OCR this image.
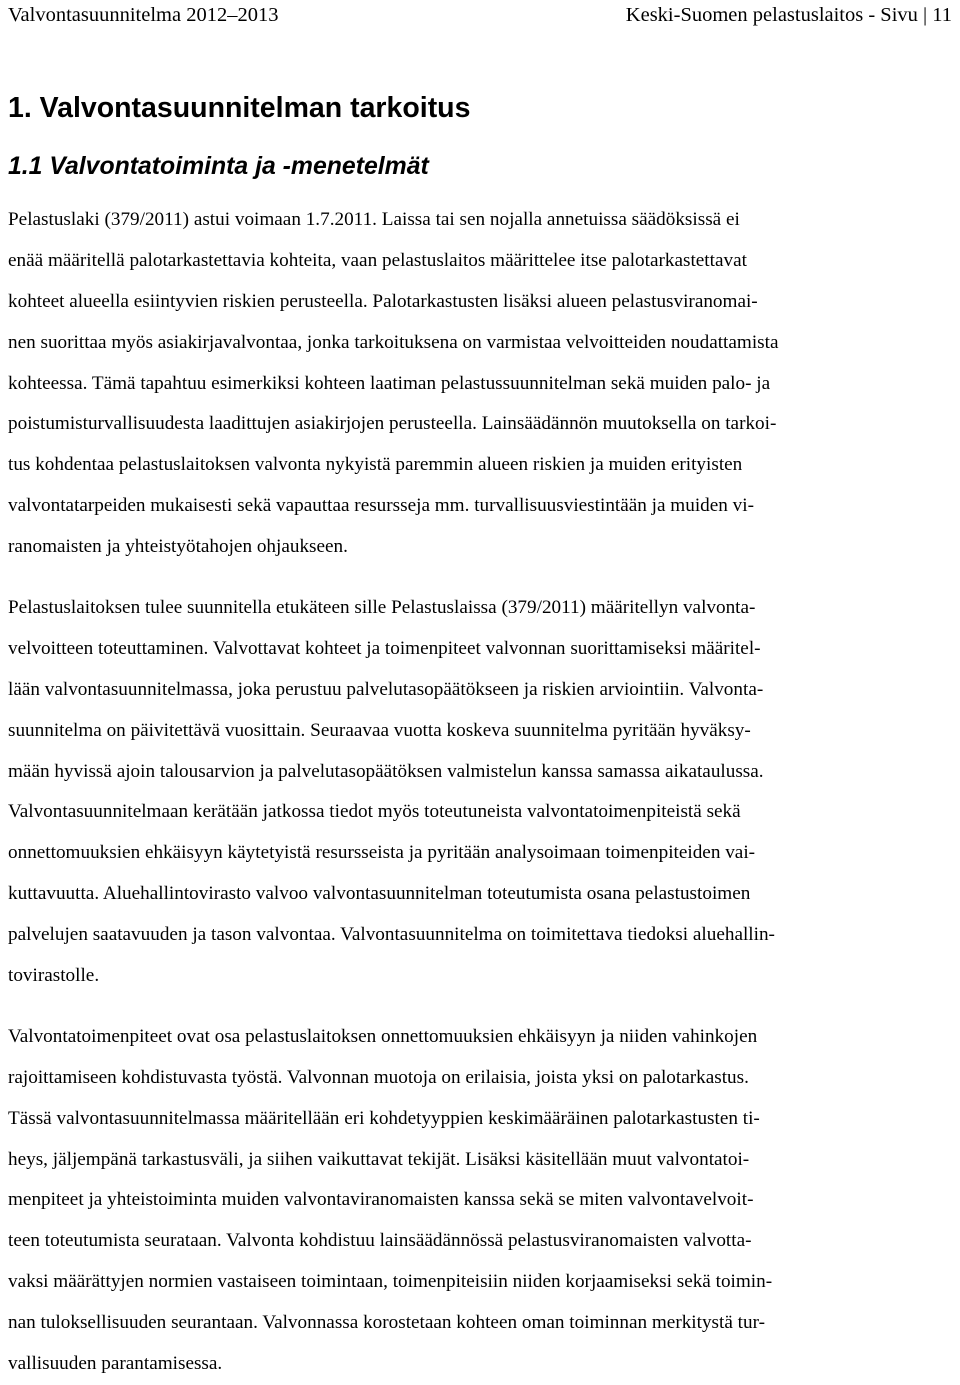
Valvontasuunnitelma 2012–2013	Keski-Suomen pelastuslaitos - Sivu | 11
1. Valvontasuunnitelman tarkoitus
1.1 Valvontatoiminta ja -menetelmät
Pelastuslaki (379/2011) astui voimaan 1.7.2011. Laissa tai sen nojalla annetuissa säädöksissä ei
enää määritellä palotarkastettavia kohteita, vaan pelastuslaitos määrittelee itse palotarkastettavat
kohteet alueella esiintyvien riskien perusteella. Palotarkastusten lisäksi alueen pelastusviranomai-
nen suorittaa myös asiakirjavalvontaa, jonka tarkoituksena on varmistaa velvoitteiden noudattamista
kohteessa. Tämä tapahtuu esimerkiksi kohteen laatiman pelastussuunnitelman sekä muiden palo- ja
poistumisturvallisuudesta laadittujen asiakirjojen perusteella. Lainsäädännön muutoksella on tarkoi-
tus kohdentaa pelastuslaitoksen valvonta nykyistä paremmin alueen riskien ja muiden erityisten
valvontatarpeiden mukaisesti sekä vapauttaa resursseja mm. turvallisuusviestintään ja muiden vi-
ranomaisten ja yhteistyötahojen ohjaukseen.
Pelastuslaitoksen tulee suunnitella etukäteen sille Pelastuslaissa (379/2011) määritellyn valvonta-
velvoitteen toteuttaminen. Valvottavat kohteet ja toimenpiteet valvonnan suorittamiseksi määritel-
lään valvontasuunnitelmassa, joka perustuu palvelutasopäätökseen ja riskien arviointiin. Valvonta-
suunnitelma on päivitettävä vuosittain. Seuraavaa vuotta koskeva suunnitelma pyritään hyväksy-
mään hyvissä ajoin talousarvion ja palvelutasopäätöksen valmistelun kanssa samassa aikataulussa.
Valvontasuunnitelmaan kerätään jatkossa tiedot myös toteutuneista valvontatoimenpiteistä sekä
onnettomuuksien ehkäisyyn käytetyistä resursseista ja pyritään analysoimaan toimenpiteiden vai-
kuttavuutta. Aluehallintovirasto valvoo valvontasuunnitelman toteutumista osana pelastustoimen
palvelujen saatavuuden ja tason valvontaa. Valvontasuunnitelma on toimitettava tiedoksi aluehallin-
tovirastolle.
Valvontatoimenpiteet ovat osa pelastuslaitoksen onnettomuuksien ehkäisyyn ja niiden vahinkojen
rajoittamiseen kohdistuvasta työstä. Valvonnan muotoja on erilaisia, joista yksi on palotarkastus.
Tässä valvontasuunnitelmassa määritellään eri kohdetyyppien keskimääräinen palotarkastusten ti-
heys, jäljempänä tarkastusväli, ja siihen vaikuttavat tekijät. Lisäksi käsitellään muut valvontatoi-
menpiteet ja yhteistoiminta muiden valvontaviranomaisten kanssa sekä se miten valvontavelvoit-
teen toteutumista seurataan. Valvonta kohdistuu lainsäädännössä pelastusviranomaisten valvotta-
vaksi määrättyjen normien vastaiseen toimintaan, toimenpiteisiin niiden korjaamiseksi sekä toimin-
nan tuloksellisuuden seurantaan. Valvonnassa korostetaan kohteen oman toiminnan merkitystä tur-
vallisuuden parantamisessa.
